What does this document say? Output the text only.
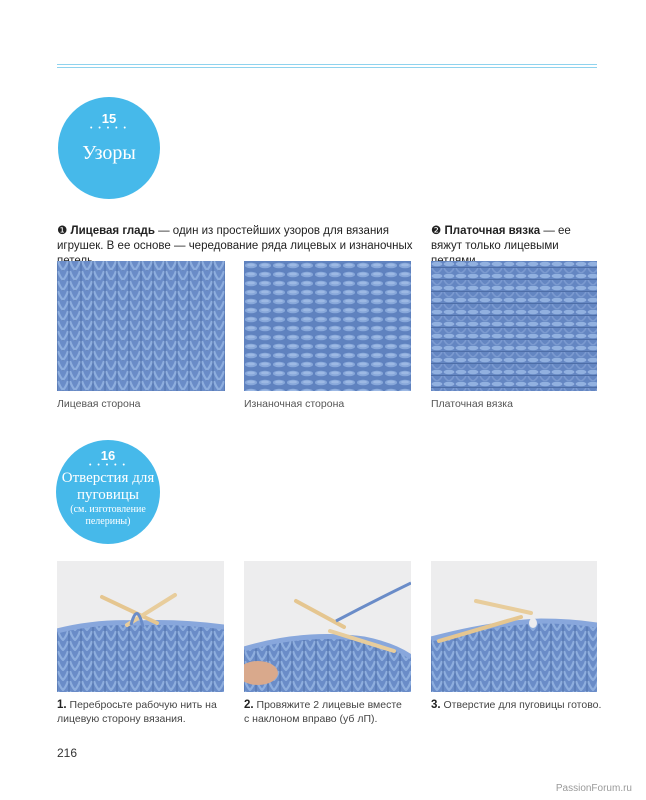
15
• • • • •
Узоры
❶ Лицевая гладь — один из простейших узоров для вязания игрушек. В ее основе — чередование ряда лицевых и изнаночных
❷ Платочная вязка — ее вяжут только лицевыми
Лицевая сторона	Изнаночная сторона	Платочная вязка
16
• • • • •
Отверстия для
пуговицы
(см. изготовление
пелерины)
1. Перебросьте рабочую нить на
лицевую сторону вязания.
2. Провяжите 2 лицевые вместе
с наклоном вправо (уб лП).
3. Отверстие для пуговицы готово.
216
PassionForum.ru
